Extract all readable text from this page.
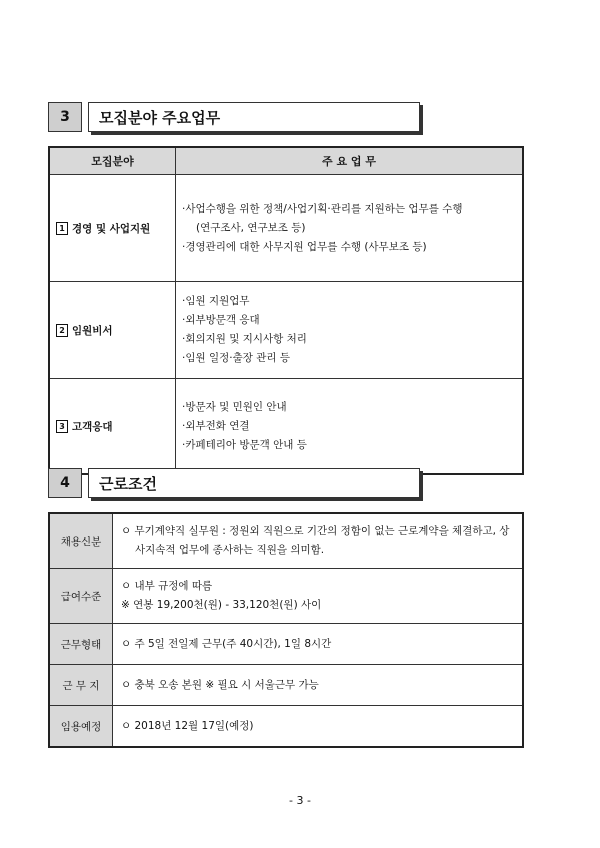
3	모집분야 주요업무
모집분야	주 요 업 무
1 경영 및 사업지원	·사업수행을 위한 정책/사업기획·관리를 지원하는 업무를 수행
(연구조사, 연구보조 등)
·경영관리에 대한 사무지원 업무를 수행 (사무보조 등)

2 임원비서	·임원 지원업무
·외부방문객 응대
·회의지원 및 지시사항 처리
·임원 일정·출장 관리 등

3 고객응대	·방문자 및 민원인 안내
·외부전화 연결
·카페테리아 방문객 안내 등
4	근로조건
채용신분	ㅇ 무기계약직 실무원 : 정원외 직원으로 기간의 정함이 없는 근로계약을 체결하고, 상
사지속적 업무에 종사하는 직원을 의미함.

급여수준	ㅇ 내부 규정에 따름
※ 연봉 19,200천(원) - 33,120천(원) 사이

근무형태	ㅇ 주 5일 전일제 근무(주 40시간), 1일 8시간

근 무 지	ㅇ 충북 오송 본원 ※ 필요 시 서울근무 가능

임용예정	ㅇ 2018년 12월 17일(예정)
- 3 -
